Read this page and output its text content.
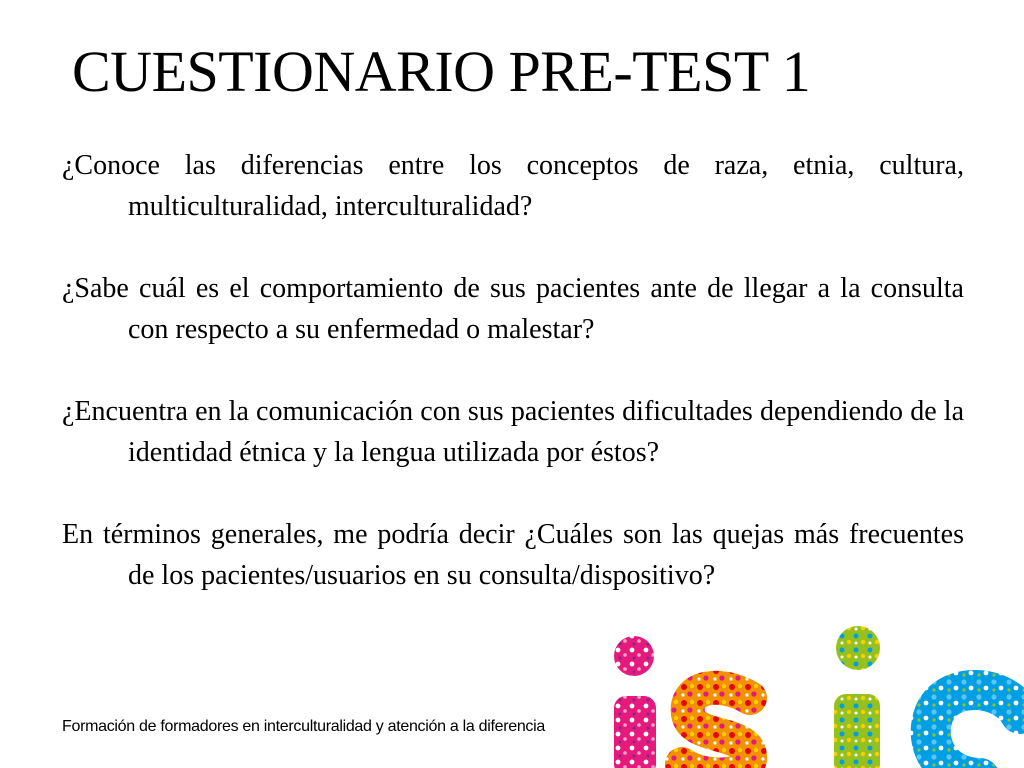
CUESTIONARIO PRE-TEST 1
¿Conoce las diferencias entre los conceptos de raza, etnia, cultura, multiculturalidad, interculturalidad?
¿Sabe cuál es el comportamiento de sus pacientes ante de llegar a la consulta con respecto a su enfermedad o malestar?
¿Encuentra en la comunicación con sus pacientes dificultades dependiendo de la identidad étnica y la lengua utilizada por éstos?
En términos generales, me podría decir ¿Cuáles son las quejas más frecuentes de los pacientes/usuarios en su consulta/dispositivo?
Formación de formadores en interculturalidad y atención a la diferencia
